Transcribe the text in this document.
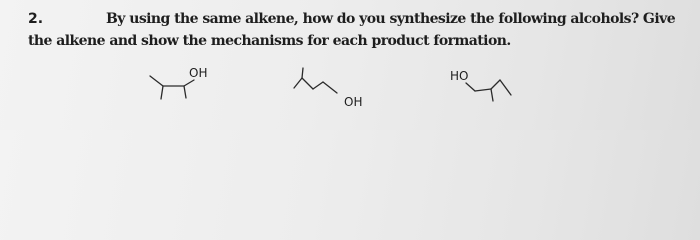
2.	By using the same alkene, how do you synthesize the following alcohols? Give
the alkene and show the mechanisms for each product formation.
OH
OH
HO
